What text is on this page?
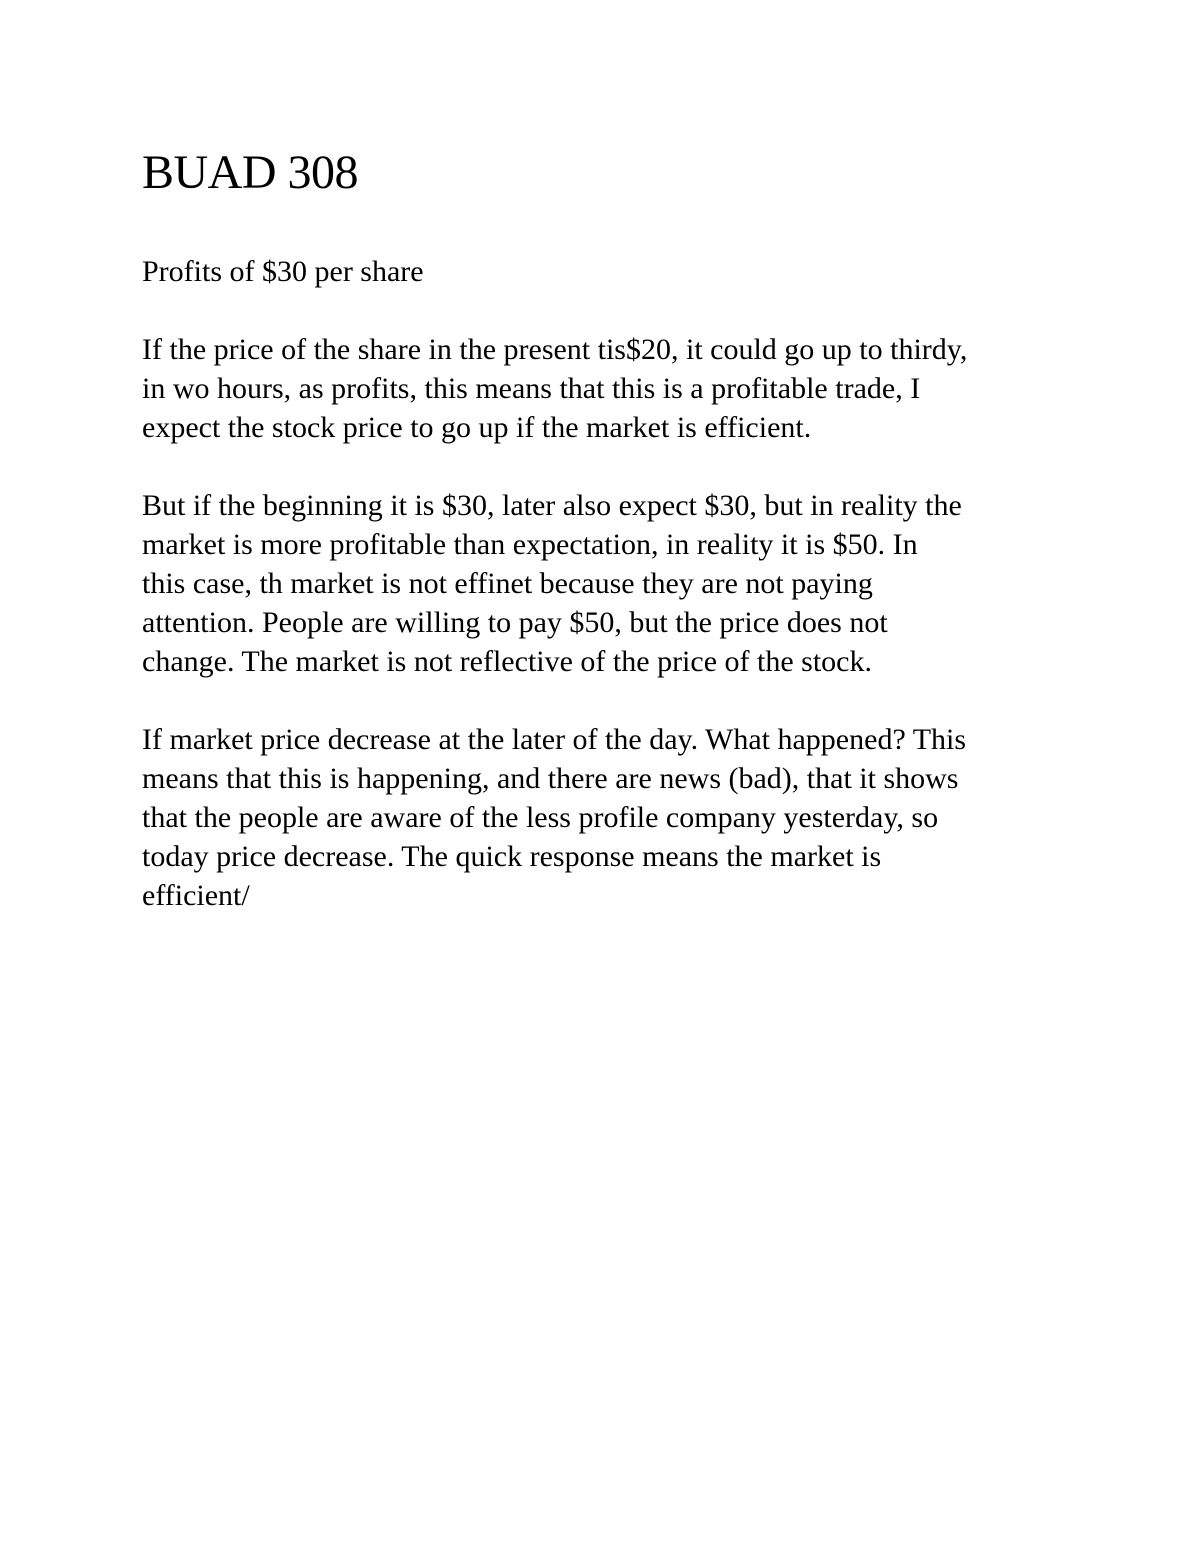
BUAD 308

Profits of $30 per share

If the price of the share in the present tis$20, it could go up to thirdy,
in wo hours, as profits, this means that this is a profitable trade, I
expect the stock price to go up if the market is efficient.

But if the beginning it is $30, later also expect $30, but in reality the
market is more profitable than expectation, in reality it is $50. In
this case, th market is not effinet because they are not paying
attention. People are willing to pay $50, but the price does not
change. The market is not reflective of the price of the stock.

If market price decrease at the later of the day. What happened? This
means that this is happening, and there are news (bad), that it shows
that the people are aware of the less profile company yesterday, so
today price decrease. The quick response means the market is
efficient/
